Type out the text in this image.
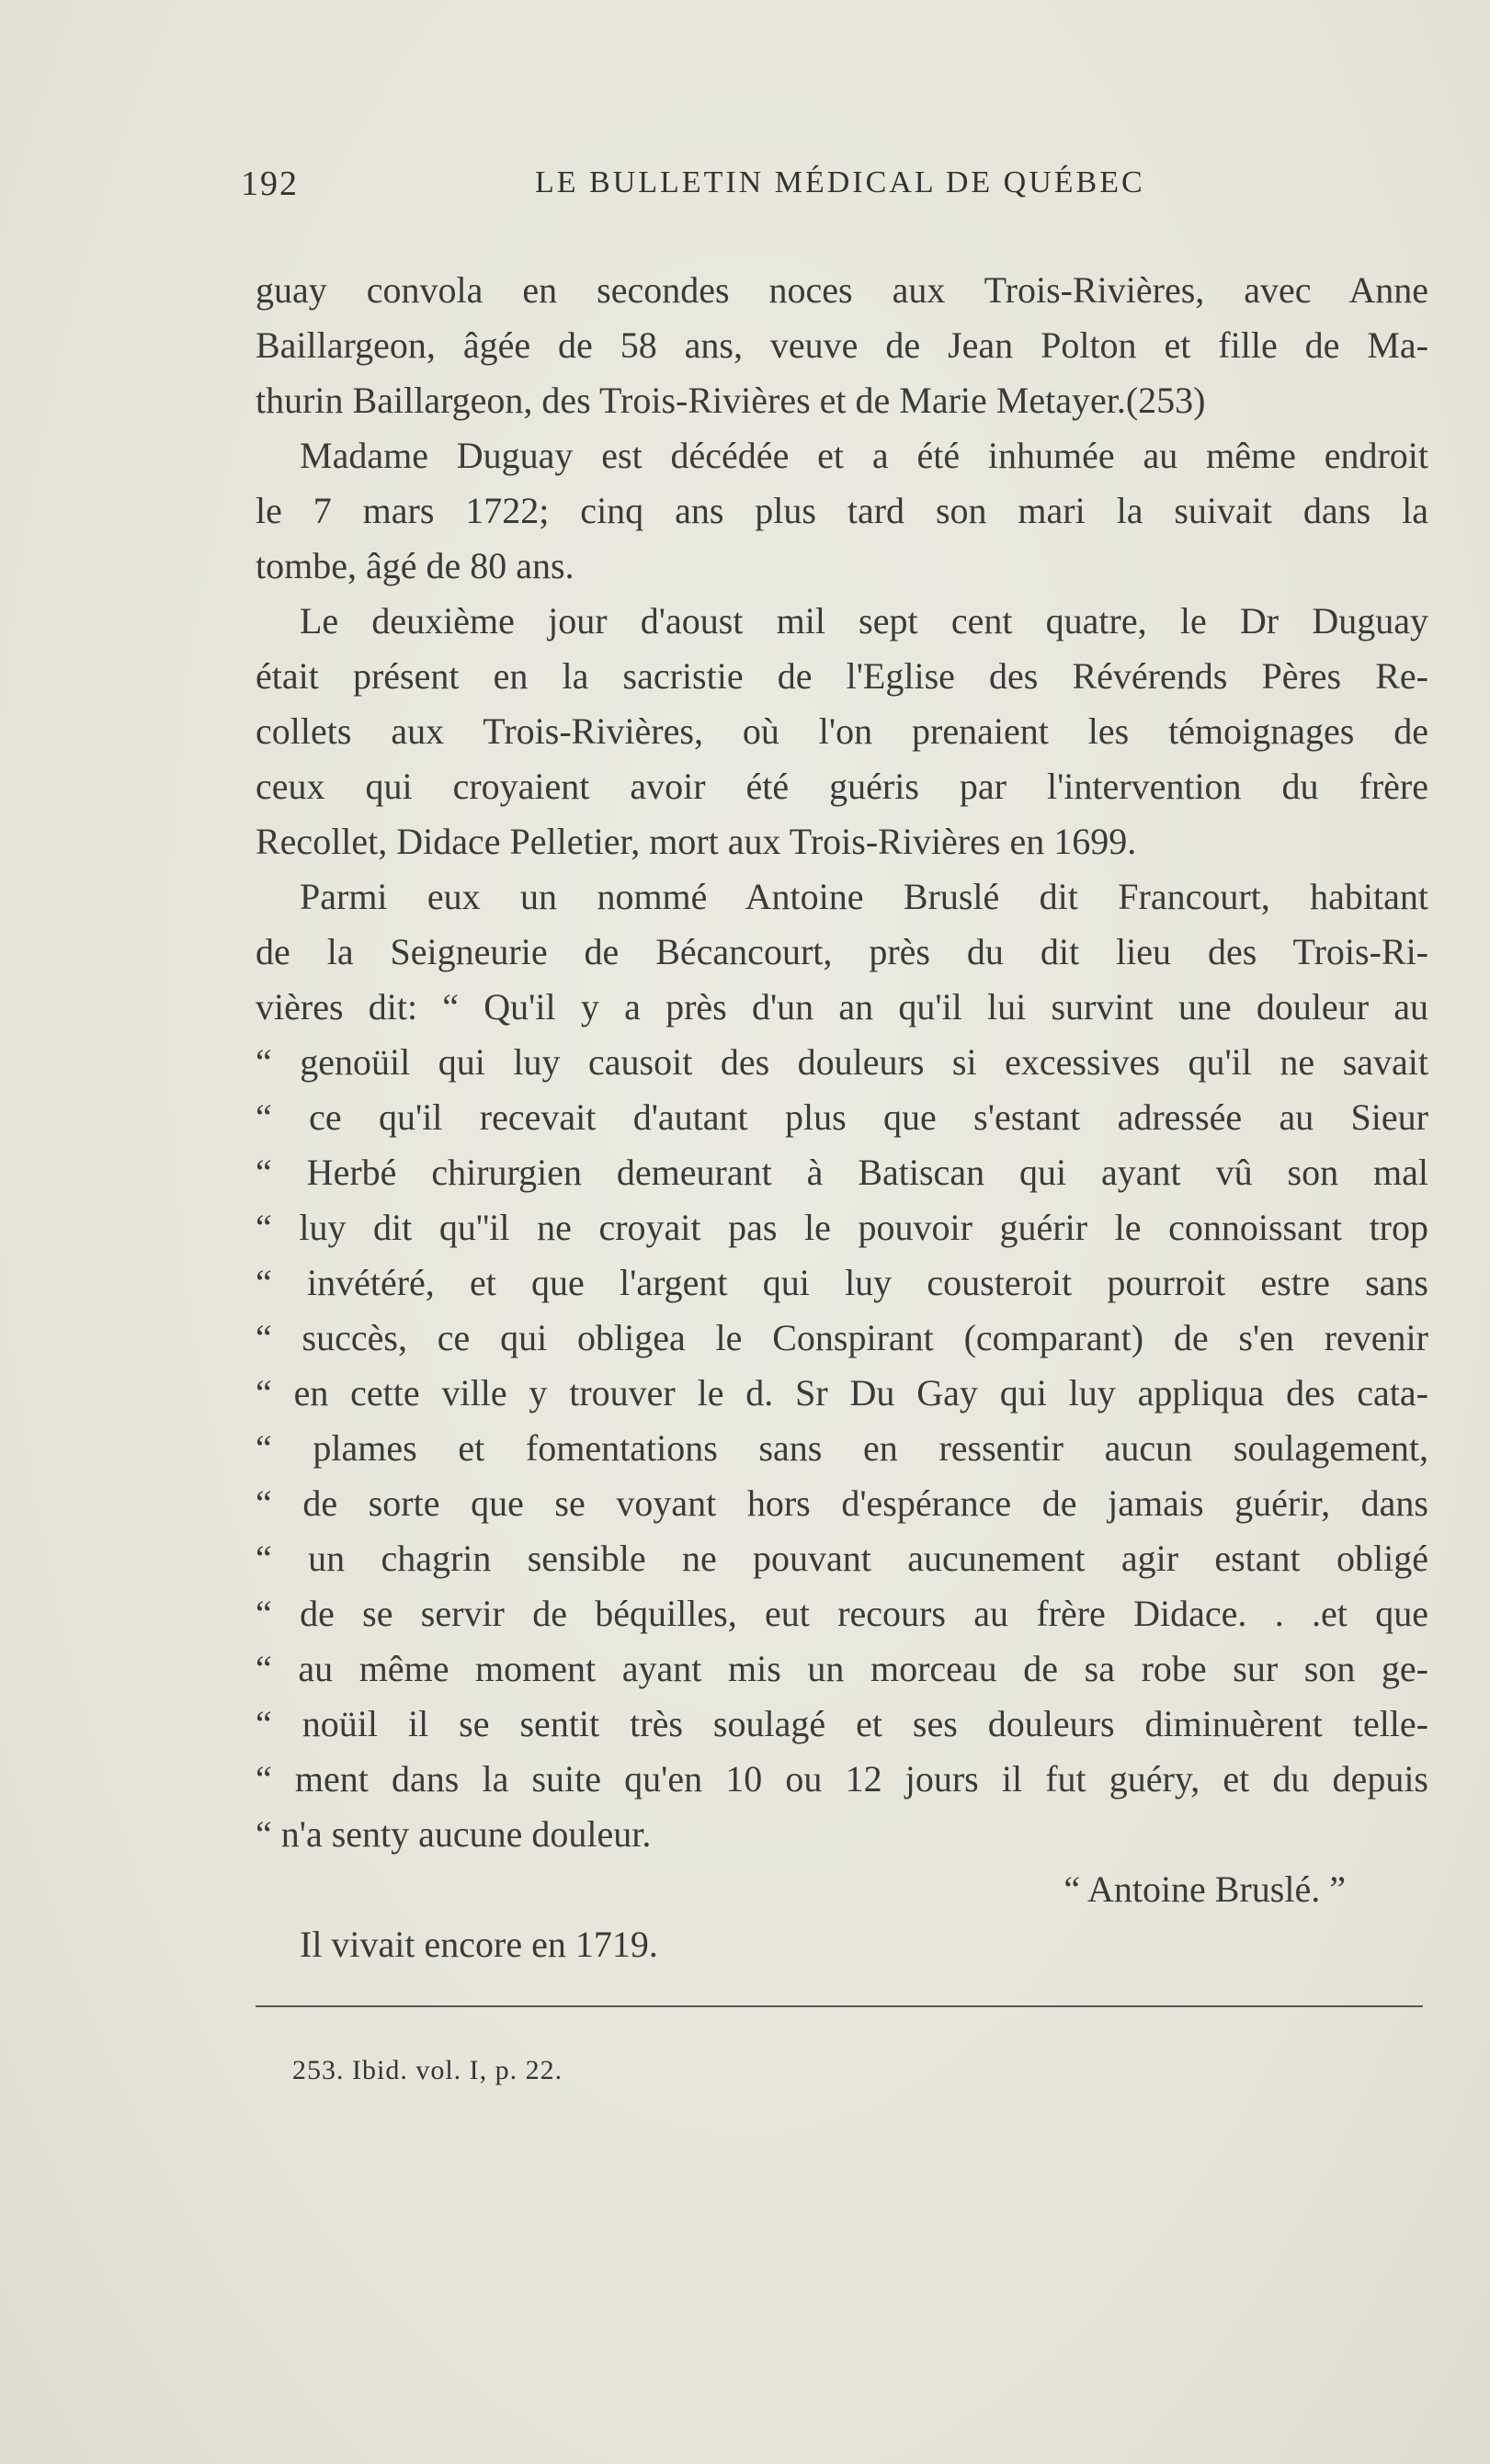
192	LE BULLETIN MÉDICAL DE QUÉBEC
guay convola en secondes noces aux Trois-Rivières, avec Anne
Baillargeon, âgée de 58 ans, veuve de Jean Polton et fille de Ma-
thurin Baillargeon, des Trois-Rivières et de Marie Metayer.(253)
Madame Duguay est décédée et a été inhumée au même endroit
le 7 mars 1722; cinq ans plus tard son mari la suivait dans la
tombe, âgé de 80 ans.
Le deuxième jour d'aoust mil sept cent quatre, le Dr Duguay
était présent en la sacristie de l'Eglise des Révérends Pères Re-
collets aux Trois-Rivières, où l'on prenaient les témoignages de
ceux qui croyaient avoir été guéris par l'intervention du frère
Recollet, Didace Pelletier, mort aux Trois-Rivières en 1699.
Parmi eux un nommé Antoine Bruslé dit Francourt, habitant
de la Seigneurie de Bécancourt, près du dit lieu des Trois-Ri-
vières dit: “ Qu'il y a près d'un an qu'il lui survint une douleur au
“ genoüil qui luy causoit des douleurs si excessives qu'il ne savait
“ ce qu'il recevait d'autant plus que s'estant adressée au Sieur
“ Herbé chirurgien demeurant à Batiscan qui ayant vû son mal
“ luy dit qu''il ne croyait pas le pouvoir guérir le connoissant trop
“ invétéré, et que l'argent qui luy cousteroit pourroit estre sans
“ succès, ce qui obligea le Conspirant (comparant) de s'en revenir
“ en cette ville y trouver le d. Sr Du Gay qui luy appliqua des cata-
“ plames et fomentations sans en ressentir aucun soulagement,
“ de sorte que se voyant hors d'espérance de jamais guérir, dans
“ un chagrin sensible ne pouvant aucunement agir estant obligé
“ de se servir de béquilles, eut recours au frère Didace. . .et que
“ au même moment ayant mis un morceau de sa robe sur son ge-
“ noüil il se sentit très soulagé et ses douleurs diminuèrent telle-
“ ment dans la suite qu'en 10 ou 12 jours il fut guéry, et du depuis
“ n'a senty aucune douleur.
“ Antoine Bruslé. ”
Il vivait encore en 1719.
253. Ibid. vol. I, p. 22.
